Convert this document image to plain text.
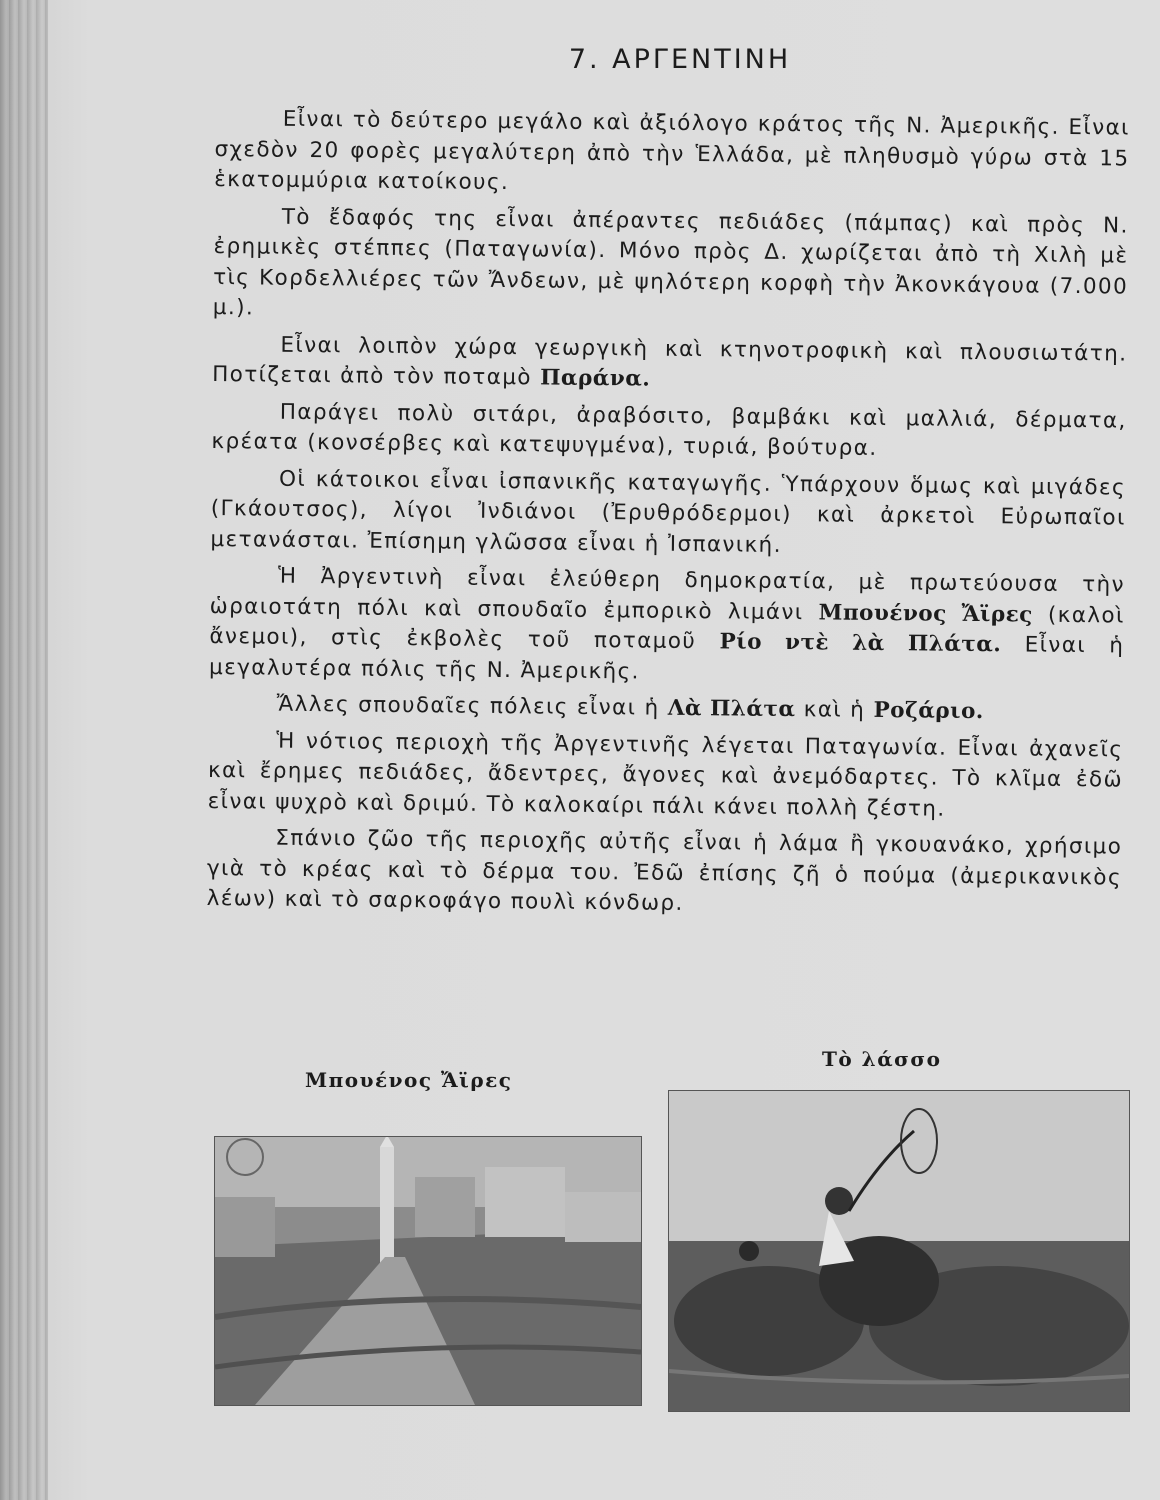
7. ΑΡΓΕΝΤΙΝΗ

Εἶναι τὸ δεύτερο μεγάλο καὶ ἀξιόλογο κράτος τῆς Ν. Ἀμερικῆς. Εἶναι σχεδὸν 20 φορὲς μεγαλύτερη ἀπὸ τὴν Ἑλλάδα, μὲ πληθυσμὸ γύρω στὰ 15 ἑκατομμύρια κατοίκους.

Τὸ ἔδαφός της εἶναι ἀπέραντες πεδιάδες (πάμπας) καὶ πρὸς Ν. ἐρημικὲς στέππες (Παταγωνία). Μόνο πρὸς Δ. χωρίζεται ἀπὸ τὴ Χιλὴ μὲ τὶς Κορδελλιέρες τῶν Ἄνδεων, μὲ ψηλότερη κορφὴ τὴν Ἀκονκάγουα (7.000 μ.).

Εἶναι λοιπὸν χώρα γεωργικὴ καὶ κτηνοτροφικὴ καὶ πλουσιωτάτη. Ποτίζεται ἀπὸ τὸν ποταμὸ Παράνα.

Παράγει πολὺ σιτάρι, ἀραβόσιτο, βαμβάκι καὶ μαλλιά, δέρματα, κρέατα (κονσέρβες καὶ κατεψυγμένα), τυριά, βούτυρα.

Οἱ κάτοικοι εἶναι ἰσπανικῆς καταγωγῆς. Ὑπάρχουν ὅμως καὶ μιγάδες (Γκάουτσος), λίγοι Ἰνδιάνοι (Ἐρυθρόδερμοι) καὶ ἀρκετοὶ Εὐρωπαῖοι μετανάσται. Ἐπίσημη γλῶσσα εἶναι ἡ Ἰσπανική.

Ἡ Ἀργεντινὴ εἶναι ἐλεύθερη δημοκρατία, μὲ πρωτεύουσα τὴν ὡραιοτάτη πόλι καὶ σπουδαῖο ἐμπορικὸ λιμάνι Μπουένος Ἄϊρες (καλοὶ ἄνεμοι), στὶς ἐκβολὲς τοῦ ποταμοῦ Ρίο ντὲ λὰ Πλάτα. Εἶναι ἡ μεγαλυτέρα πόλις τῆς Ν. Ἀμερικῆς.

Ἄλλες σπουδαῖες πόλεις εἶναι ἡ Λὰ Πλάτα καὶ ἡ Ροζάριο.

Ἡ νότιος περιοχὴ τῆς Ἀργεντινῆς λέγεται Παταγωνία. Εἶναι ἀχανεῖς καὶ ἔρημες πεδιάδες, ἄδεντρες, ἄγονες καὶ ἀνεμόδαρτες. Τὸ κλῖμα ἐδῶ εἶναι ψυχρὸ καὶ δριμύ. Τὸ καλοκαίρι πάλι κάνει πολλὴ ζέστη.

Σπάνιο ζῶο τῆς περιοχῆς αὐτῆς εἶναι ἡ λάμα ἢ γκουανάκο, χρήσιμο γιὰ τὸ κρέας καὶ τὸ δέρμα του. Ἐδῶ ἐπίσης ζῆ ὁ πούμα (ἀμερικανικὸς λέων) καὶ τὸ σαρκοφάγο πουλὶ κόνδωρ.

Μπουένος Ἄϊρες
Τὸ λάσσο
